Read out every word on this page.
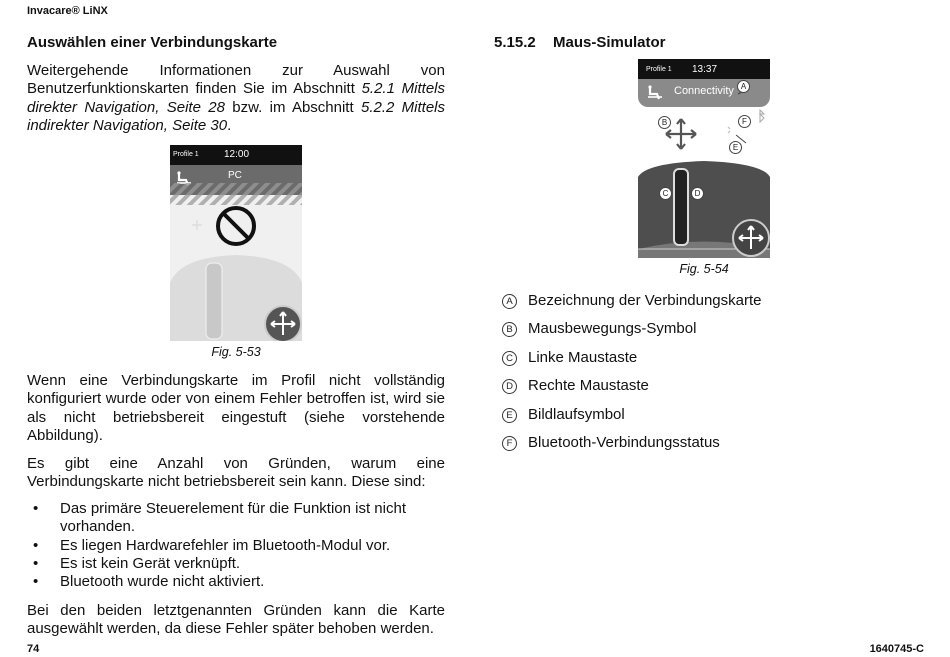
Invacare® LiNX
Auswählen einer Verbindungskarte
Weitergehende Informationen zur Auswahl von Benutzerfunktionskarten finden Sie im Abschnitt 5.2.1 Mittels direkter Navigation, Seite 28 bzw. im Abschnitt 5.2.2 Mittels indirekter Navigation, Seite 30.
Profile 1	12:00
PC
Fig. 5-53
Wenn eine Verbindungskarte im Profil nicht vollständig konfiguriert wurde oder von einem Fehler betroffen ist, wird sie als nicht betriebsbereit eingestuft (siehe vorstehende Abbildung).
Es gibt eine Anzahl von Gründen, warum eine Verbindungskarte nicht betriebsbereit sein kann. Diese sind:
• Das primäre Steuerelement für die Funktion ist nicht vorhanden.
• Es liegen Hardwarefehler im Bluetooth-Modul vor.
• Es ist kein Gerät verknüpft.
• Bluetooth wurde nicht aktiviert.
Bei den beiden letztgenannten Gründen kann die Karte ausgewählt werden, da diese Fehler später behoben werden.
5.15.2 Maus-Simulator
Profile 1 13:37
Connectivity A
B
C	D
E
F
Fig. 5-54
A Bezeichnung der Verbindungskarte
B Mausbewegungs-Symbol
C Linke Maustaste
D Rechte Maustaste
E Bildlaufsymbol
F	Bluetooth-Verbindungsstatus
74	1640745-C
